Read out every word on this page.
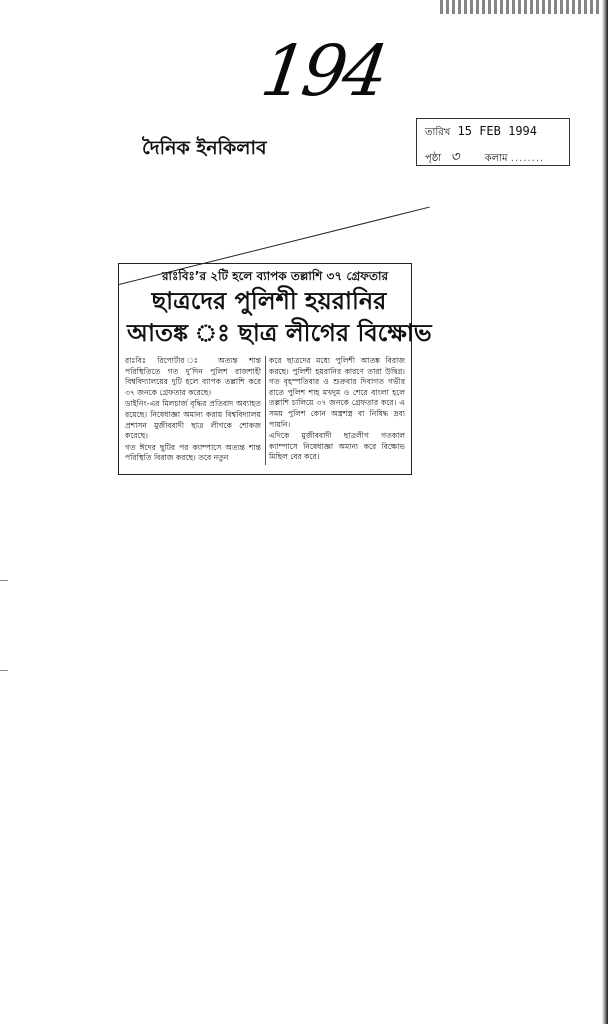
194
দৈনিক ইনকিলাব
তারিখ 15 FEB 1994
পৃষ্ঠা ৩	কলাম ........
রাঃবিঃ’র ২টি হলে ব্যাপক তল্লাশি ৩৭ গ্রেফতার
ছাত্রদের পুলিশী হয়রানির
আতঙ্ক ঃ ছাত্র লীগের বিক্ষোভ

রাঃবিঃ রিপোর্টার ঃ অত্যন্ত শান্ত পরিস্থিতিতে গত দু’দিন পুলিশ রাজশাহী বিশ্ববিদ্যালয়ের দুটি হলে ব্যাপক তল্লাশি করে ৩৭ জনকে গ্রেফতার করেছে।

ডাইনিং-এর মিলচার্জ বৃদ্ধির প্রতিবাদ অব্যাহত রয়েছে। নিষেধাজ্ঞা অমান্য করায় বিশ্ববিদ্যালয় প্রশাসন মুজীববাদী ছাত্র লীগকে শোকজ করেছে।

গত ঈদের ছুটির পর ক্যাম্পাসে অত্যন্ত শান্ত পরিস্থিতি বিরাজ করছে। তবে নতুন

করে ছাত্রদের মধ্যে পুলিশী আতঙ্ক বিরাজ করছে। পুলিশী হয়রানির কারণে তারা উদ্বিগ্ন। গত বৃহস্পতিবার ও শুক্রবার দিবাগত গভীর রাতে পুলিশ শাহ মখদুম ও শেরে বাংলা হলে তল্লাশি চালিয়ে ৩৭ জনকে গ্রেফতার করে। এ সময় পুলিশ কোন অস্ত্রশস্ত্র বা নিষিদ্ধ দ্রব্য পায়নি।

এদিকে মুজীববাদী ছাত্রলীগ গতকাল ক্যাম্পাসে নিষেধাজ্ঞা অমান্য করে বিক্ষোভ মিছিল বের করে।
